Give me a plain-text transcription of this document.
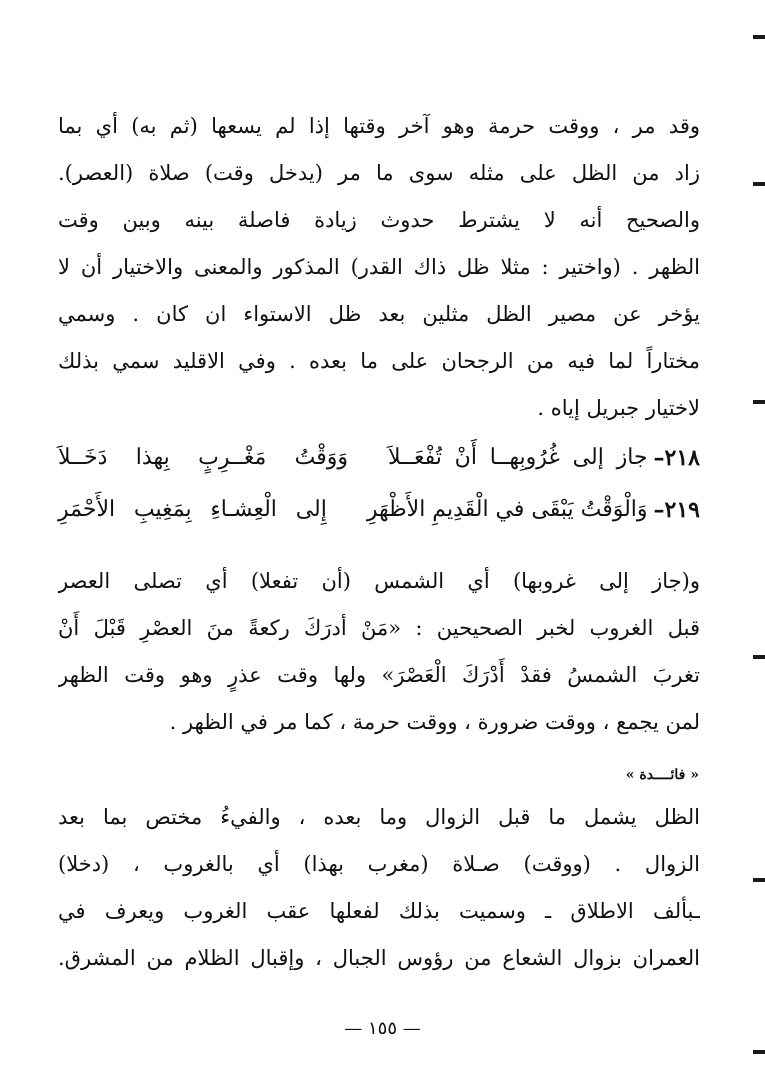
وقد مر ، ووقت حرمة وهو آخر وقتها إذا لم يسعها (ثم به) أي بما
زاد من الظل على مثله سوى ما مر (يدخل وقت) صلاة (العصر).
والصحيح أنه لا يشترط حدوث زيادة فاصلة بينه وبين وقت
الظهر . (واختير : مثلا ظل ذاك القدر) المذكور والمعنى والاختيار أن لا
يؤخر عن مصير الظل مثلين بعد ظل الاستواء ان كان . وسمي
مختاراً لما فيه من الرجحان على ما بعده . وفي الاقليد سمي بذلك
لاختيار جبريل إياه .
٢١٨–
جاز إلى غُرُوبِهــا أَنْ تُفْعَــلاَ
وَوَقْتُ مَغْــرِبٍ بِهذا دَخَــلاَ
٢١٩–
وَالْوَقْتُ يَبْقَى في الْقَدِيمِ الأَظْهَرِ
إِلى الْعِشـاءِ بِمَغِيبِ الأَحْمَرِ
و(جاز إلى غروبها) أي الشمس (أن تفعلا) أي تصلى العصر
قبل الغروب لخبر الصحيحين : «مَنْ أدرَكَ ركعةً منَ العصْرِ قَبْلَ أَنْ
تغربَ الشمسُ فقدْ أَدْرَكَ الْعَصْرَ» ولها وقت عذرٍ وهو وقت الظهر
لمن يجمع ، ووقت ضرورة ، ووقت حرمة ، كما مر في الظهر .
« فائــــدة »
الظل يشمل ما قبل الزوال وما بعده ، والفيءُ مختص بما بعد
الزوال . (ووقت) صـلاة (مغرب بهذا) أي بالغروب ، (دخلا)
ـبألف الاطلاق ـ وسميت بذلك لفعلها عقب الغروب ويعرف في
العمران بزوال الشعاع من رؤوس الجبال ، وإقبال الظلام من المشرق.
— ١٥٥ —
